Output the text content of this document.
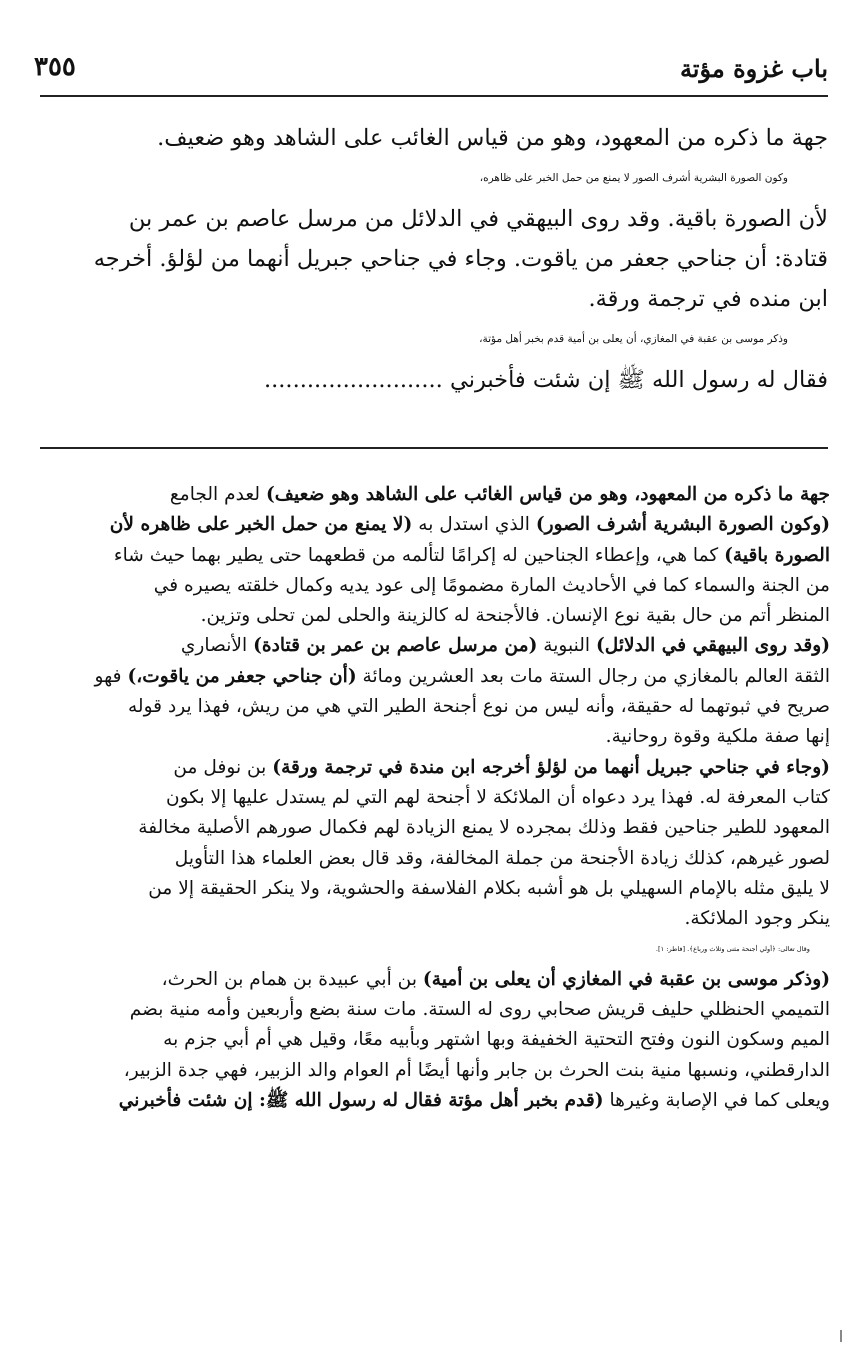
باب غزوة مؤتة
٣٥٥
جهة ما ذكره من المعهود، وهو من قياس الغائب على الشاهد وهو ضعيف.
وكون الصورة البشرية أشرف الصور لا يمنع من حمل الخبر على ظاهره،
لأن الصورة باقية. وقد روى البيهقي في الدلائل من مرسل عاصم بن عمر بن
قتادة: أن جناحي جعفر من ياقوت. وجاء في جناحي جبريل أنهما من لؤلؤ. أخرجه
ابن منده في ترجمة ورقة.
وذكر موسى بن عقبة في المغازي، أن يعلى بن أمية قدم بخبر أهل مؤتة،
فقال له رسول الله ﷺ إن شئت فأخبرني .........................
جهة ما ذكره من المعهود، وهو من قياس الغائب على الشاهد وهو ضعيف) لعدم الجامع
(وكون الصورة البشرية أشرف الصور) الذي استدل به (لا يمنع من حمل الخبر على ظاهره لأن
الصورة باقية) كما هي، وإعطاء الجناحين له إكرامًا لتألمه من قطعهما حتى يطير بهما حيث شاء
من الجنة والسماء كما في الأحاديث المارة مضمومًا إلى عود يديه وكمال خلقته يصيره في
المنظر أتم من حال بقية نوع الإنسان. فالأجنحة له كالزينة والحلى لمن تحلى وتزين.
(وقد روى البيهقي في الدلائل) النبوية (من مرسل عاصم بن عمر بن قتادة) الأنصاري
الثقة العالم بالمغازي من رجال الستة مات بعد العشرين ومائة (أن جناحي جعفر من ياقوت،) فهو
صريح في ثبوتهما له حقيقة، وأنه ليس من نوع أجنحة الطير التي هي من ريش، فهذا يرد قوله
إنها صفة ملكية وقوة روحانية.
(وجاء في جناحي جبريل أنهما من لؤلؤ أخرجه ابن مندة في ترجمة ورقة) بن نوفل من
كتاب المعرفة له. فهذا يرد دعواه أن الملائكة لا أجنحة لهم التي لم يستدل عليها إلا بكون
المعهود للطير جناحين فقط وذلك بمجرده لا يمنع الزيادة لهم فكمال صورهم الأصلية مخالفة
لصور غيرهم، كذلك زيادة الأجنحة من جملة المخالفة، وقد قال بعض العلماء هذا التأويل
لا يليق مثله بالإمام السهيلي بل هو أشبه بكلام الفلاسفة والحشوية، ولا ينكر الحقيقة إلا من
ينكر وجود الملائكة.
وقال تعالى: ﴿أولي أجنحة مثنى وثلاث ورباع﴾. [فاطر: ١].
(وذكر موسى بن عقبة في المغازي أن يعلى بن أمية) بن أبي عبيدة بن همام بن الحرث،
التميمي الحنظلي حليف قريش صحابي روى له الستة. مات سنة بضع وأربعين وأمه منية بضم
الميم وسكون النون وفتح التحتية الخفيفة وبها اشتهر وبأبيه معًا، وقيل هي أم أبي جزم به
الدارقطني، ونسبها منية بنت الحرث بن جابر وأنها أيضًا أم العوام والد الزبير، فهي جدة الزبير،
ويعلى كما في الإصابة وغيرها (قدم بخبر أهل مؤتة فقال له رسول الله ﷺ: إن شئت فأخبرني
